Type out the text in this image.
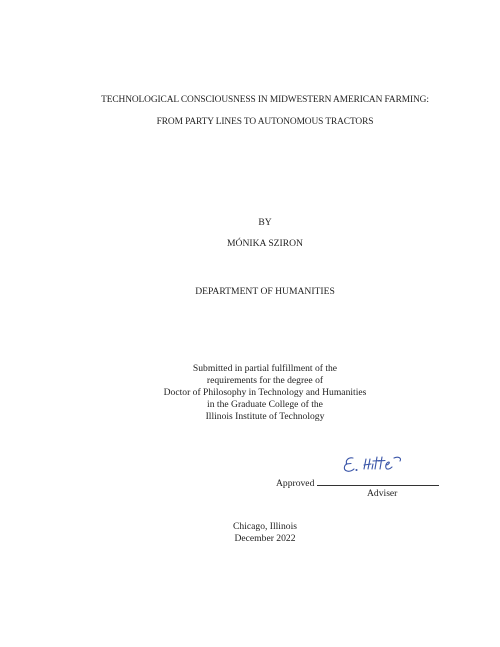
TECHNOLOGICAL CONSCIOUSNESS IN MIDWESTERN AMERICAN FARMING:
FROM PARTY LINES TO AUTONOMOUS TRACTORS
BY
MÓNIKA SZIRON
DEPARTMENT OF HUMANITIES
Submitted in partial fulfillment of the
requirements for the degree of
Doctor of Philosophy in Technology and Humanities
in the Graduate College of the
Illinois Institute of Technology
Approved
Adviser
Chicago, Illinois
December 2022
